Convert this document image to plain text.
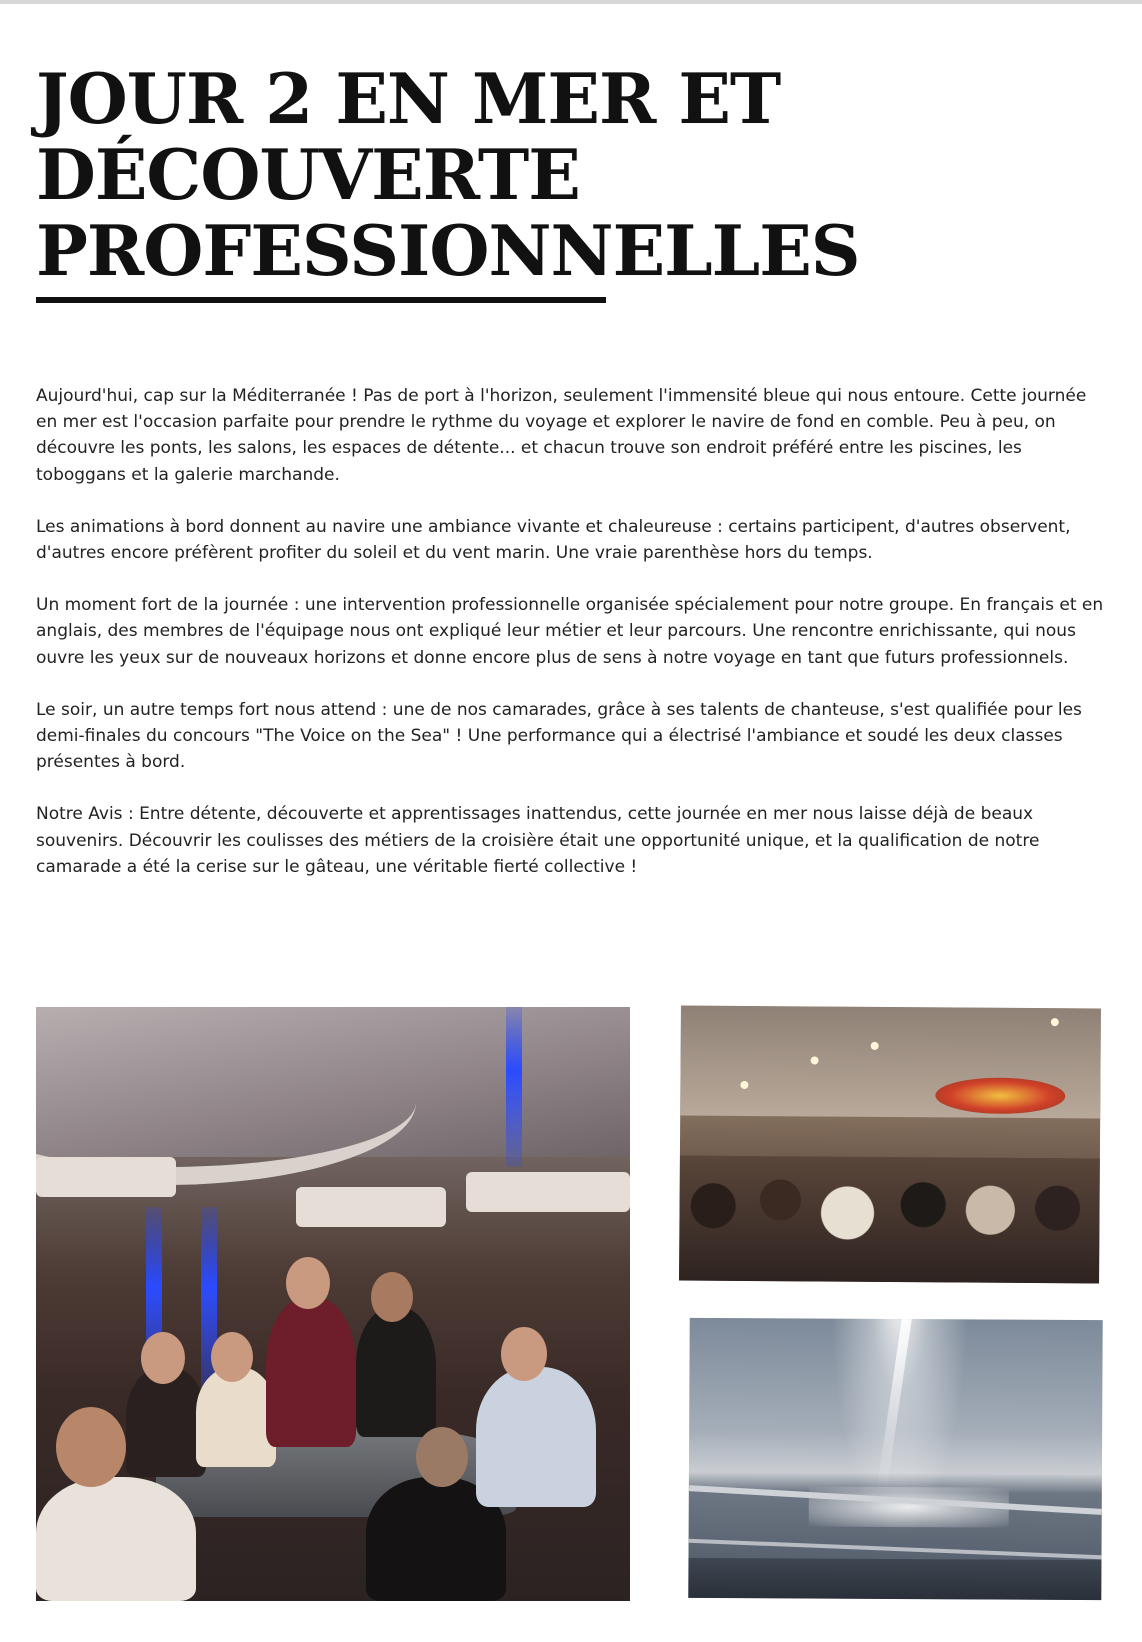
JOUR 2 EN MER ET
DÉCOUVERTE
PROFESSIONNELLES

Aujourd'hui, cap sur la Méditerranée ! Pas de port à l'horizon, seulement l'immensité bleue qui nous entoure. Cette journée en mer est l'occasion parfaite pour prendre le rythme du voyage et explorer le navire de fond en comble. Peu à peu, on découvre les ponts, les salons, les espaces de détente... et chacun trouve son endroit préféré entre les piscines, les toboggans et la galerie marchande.

Les animations à bord donnent au navire une ambiance vivante et chaleureuse : certains participent, d'autres observent, d'autres encore préfèrent profiter du soleil et du vent marin. Une vraie parenthèse hors du temps.

Un moment fort de la journée : une intervention professionnelle organisée spécialement pour notre groupe. En français et en anglais, des membres de l'équipage nous ont expliqué leur métier et leur parcours. Une rencontre enrichissante, qui nous ouvre les yeux sur de nouveaux horizons et donne encore plus de sens à notre voyage en tant que futurs professionnels.

Le soir, un autre temps fort nous attend : une de nos camarades, grâce à ses talents de chanteuse, s'est qualifiée pour les demi-finales du concours "The Voice on the Sea" ! Une performance qui a électrisé l'ambiance et soudé les deux classes présentes à bord.

Notre Avis : Entre détente, découverte et apprentissages inattendus, cette journée en mer nous laisse déjà de beaux souvenirs. Découvrir les coulisses des métiers de la croisière était une opportunité unique, et la qualification de notre camarade a été la cerise sur le gâteau, une véritable fierté collective !
